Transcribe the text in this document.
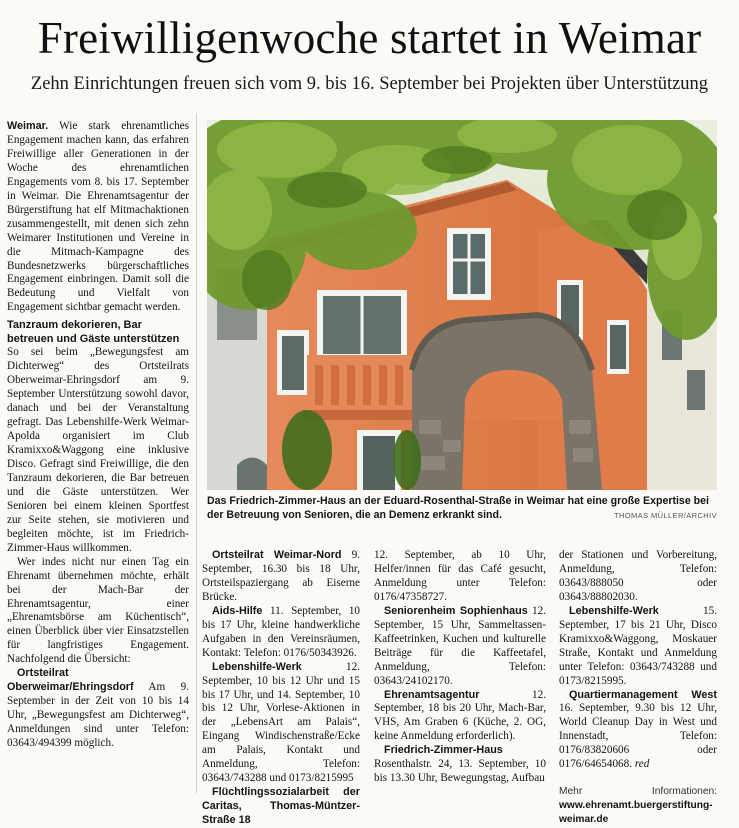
Freiwilligenwoche startet in Weimar
Zehn Einrichtungen freuen sich vom 9. bis 16. September bei Projekten über Unterstützung

Weimar. Wie stark ehrenamtliches Engagement machen kann, das erfahren Freiwillige aller Generationen in der Woche des ehrenamtlichen Engagements vom 8. bis 17. September in Weimar. Die Ehrenamtsagentur der Bürgerstiftung hat elf Mitmachaktionen zusammengestellt, mit denen sich zehn Weimarer Institutionen und Vereine in die Mitmach-Kampagne des Bundesnetzwerks bürgerschaftliches Engagement einbringen. Damit soll die Bedeutung und Vielfalt von Engagement sichtbar gemacht werden.

Tanzraum dekorieren, Bar betreuen und Gäste unterstützen

So sei beim „Bewegungsfest am Dichterweg“ des Ortsteilrats Oberweimar-Ehringsdorf am 9. September Unterstützung sowohl davor, danach und bei der Veranstaltung gefragt. Das Lebenshilfe-Werk Weimar-Apolda organisiert im Club Kramixxo&Waggong eine inklusive Disco. Gefragt sind Freiwillige, die den Tanzraum dekorieren, die Bar betreuen und die Gäste unterstützen. Wer Senioren bei einem kleinen Sportfest zur Seite stehen, sie motivieren und begleiten möchte, ist im Friedrich-Zimmer-Haus willkommen.

Wer indes nicht nur einen Tag ein Ehrenamt übernehmen möchte, erhält bei der Mach-Bar der Ehrenamtsagentur, einer „Ehrenamtsbörse am Küchentisch“, einen Überblick über vier Einsatzstellen für langfristiges Engagement. Nachfolgend die Übersicht:

Ortsteilrat Oberweimar/Ehringsdorf Am 9. September in der Zeit von 10 bis 14 Uhr, „Bewegungsfest am Dichterweg“, Anmeldungen sind unter Telefon: 03643/494399 möglich.

Das Friedrich-Zimmer-Haus an der Eduard-Rosenthal-Straße in Weimar hat eine große Expertise bei der Betreuung von Senioren, die an Demenz erkrankt sind.	THOMAS MÜLLER/ARCHIV

Ortsteilrat Weimar-Nord 9. September, 16.30 bis 18 Uhr, Ortsteilspaziergang ab Eiserne Brücke.

Aids-Hilfe 11. September, 10 bis 17 Uhr, kleine handwerkliche Aufgaben in den Vereinsräumen, Kontakt: Telefon: 0176/50343926.

Lebenshilfe-Werk	12. September, 10 bis 12 Uhr und 15 bis 17 Uhr, und 14. September, 10 bis 12 Uhr, Vorlese-Aktionen in der „LebensArt am Palais“, Eingang Windischenstraße/Ecke am Palais, Kontakt und Anmeldung, Telefon: 03643/743288 und 0173/8215995

Flüchtlingssozialarbeit der Caritas, Thomas-Müntzer-Straße 18

12. September, ab 10 Uhr, Helfer/innen für das Café gesucht, Anmeldung unter Telefon: 0176/47358727.

Seniorenheim Sophienhaus 12. September, 15 Uhr, Sammeltassen-Kaffeetrinken, Kuchen und kulturelle Beiträge für die Kaffeetafel, Anmeldung, Telefon: 03643/24102170.

Ehrenamtsagentur	12. September, 18 bis 20 Uhr, Mach-Bar, VHS, Am Graben 6 (Küche, 2. OG, keine Anmeldung erforderlich).

Friedrich-Zimmer-Haus Rosenthalstr. 24, 13. September, 10 bis 13.30 Uhr, Bewegungstag, Aufbau

der Stationen und Vorbereitung, Anmeldung, Telefon: 03643/888050 oder 03643/88802030.

Lebenshilfe-Werk	15. September, 17 bis 21 Uhr, Disco Kramixxo&Waggong, Moskauer Straße, Kontakt und Anmeldung unter Telefon: 03643/743288 und 0173/8215995.

Quartiermanagement West 16. September, 9.30 bis 12 Uhr, World Cleanup Day in West und Innenstadt, Telefon: 0176/83820606 oder 0176/64654068. red

Mehr Informationen: www.ehrenamt.buergerstiftung-weimar.de
